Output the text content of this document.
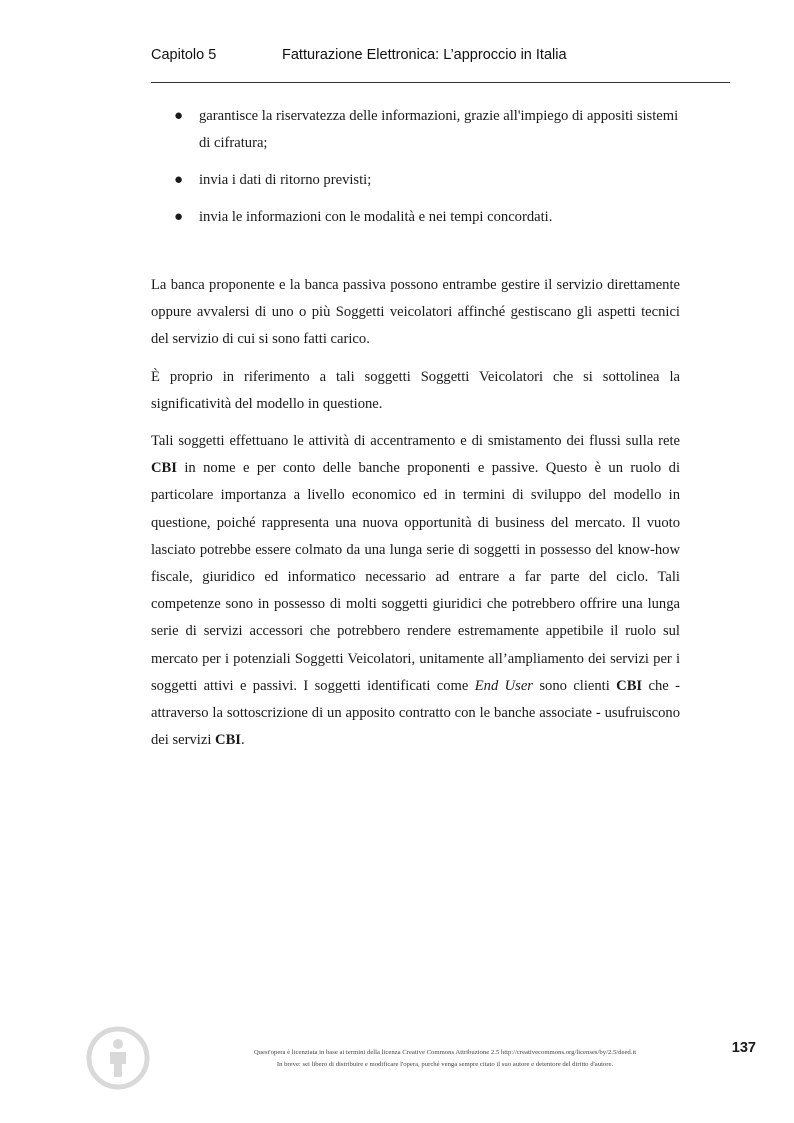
Capitolo 5	Fatturazione Elettronica: L’approccio in Italia
● garantisce la riservatezza delle informazioni, grazie all'impiego di appositi sistemi di cifratura;
● invia i dati di ritorno previsti;
● invia le informazioni con le modalità e nei tempi concordati.

La banca proponente e la banca passiva possono entrambe gestire il servizio direttamente oppure avvalersi di uno o più Soggetti veicolatori affinché gestiscano gli aspetti tecnici del servizio di cui si sono fatti carico.

È proprio in riferimento a tali soggetti Soggetti Veicolatori che si sottolinea la significatività del modello in questione.

Tali soggetti effettuano le attività di accentramento e di smistamento dei flussi sulla rete CBI in nome e per conto delle banche proponenti e passive. Questo è un ruolo di particolare importanza a livello economico ed in termini di sviluppo del modello in questione, poiché rappresenta una nuova opportunità di business del mercato. Il vuoto lasciato potrebbe essere colmato da una lunga serie di soggetti in possesso del know-how fiscale, giuridico ed informatico necessario ad entrare a far parte del ciclo. Tali competenze sono in possesso di molti soggetti giuridici che potrebbero offrire una lunga serie di servizi accessori che potrebbero rendere estremamente appetibile il ruolo sul mercato per i potenziali Soggetti Veicolatori, unitamente all’ampliamento dei servizi per i soggetti attivi e passivi. I soggetti identificati come End User sono clienti CBI che - attraverso la sottoscrizione di un apposito contratto con le banche associate - usufruiscono dei servizi CBI.

Quest'opera è licenziata in base ai termini della licenza Creative Commons Attribuzione 2.5 http://creativecommons.org/licenses/by/2.5/deed.it
In breve: sei libero di distribuire e modificare l'opera, purché venga sempre citato il suo autore e detentore del diritto d'autore.
137
